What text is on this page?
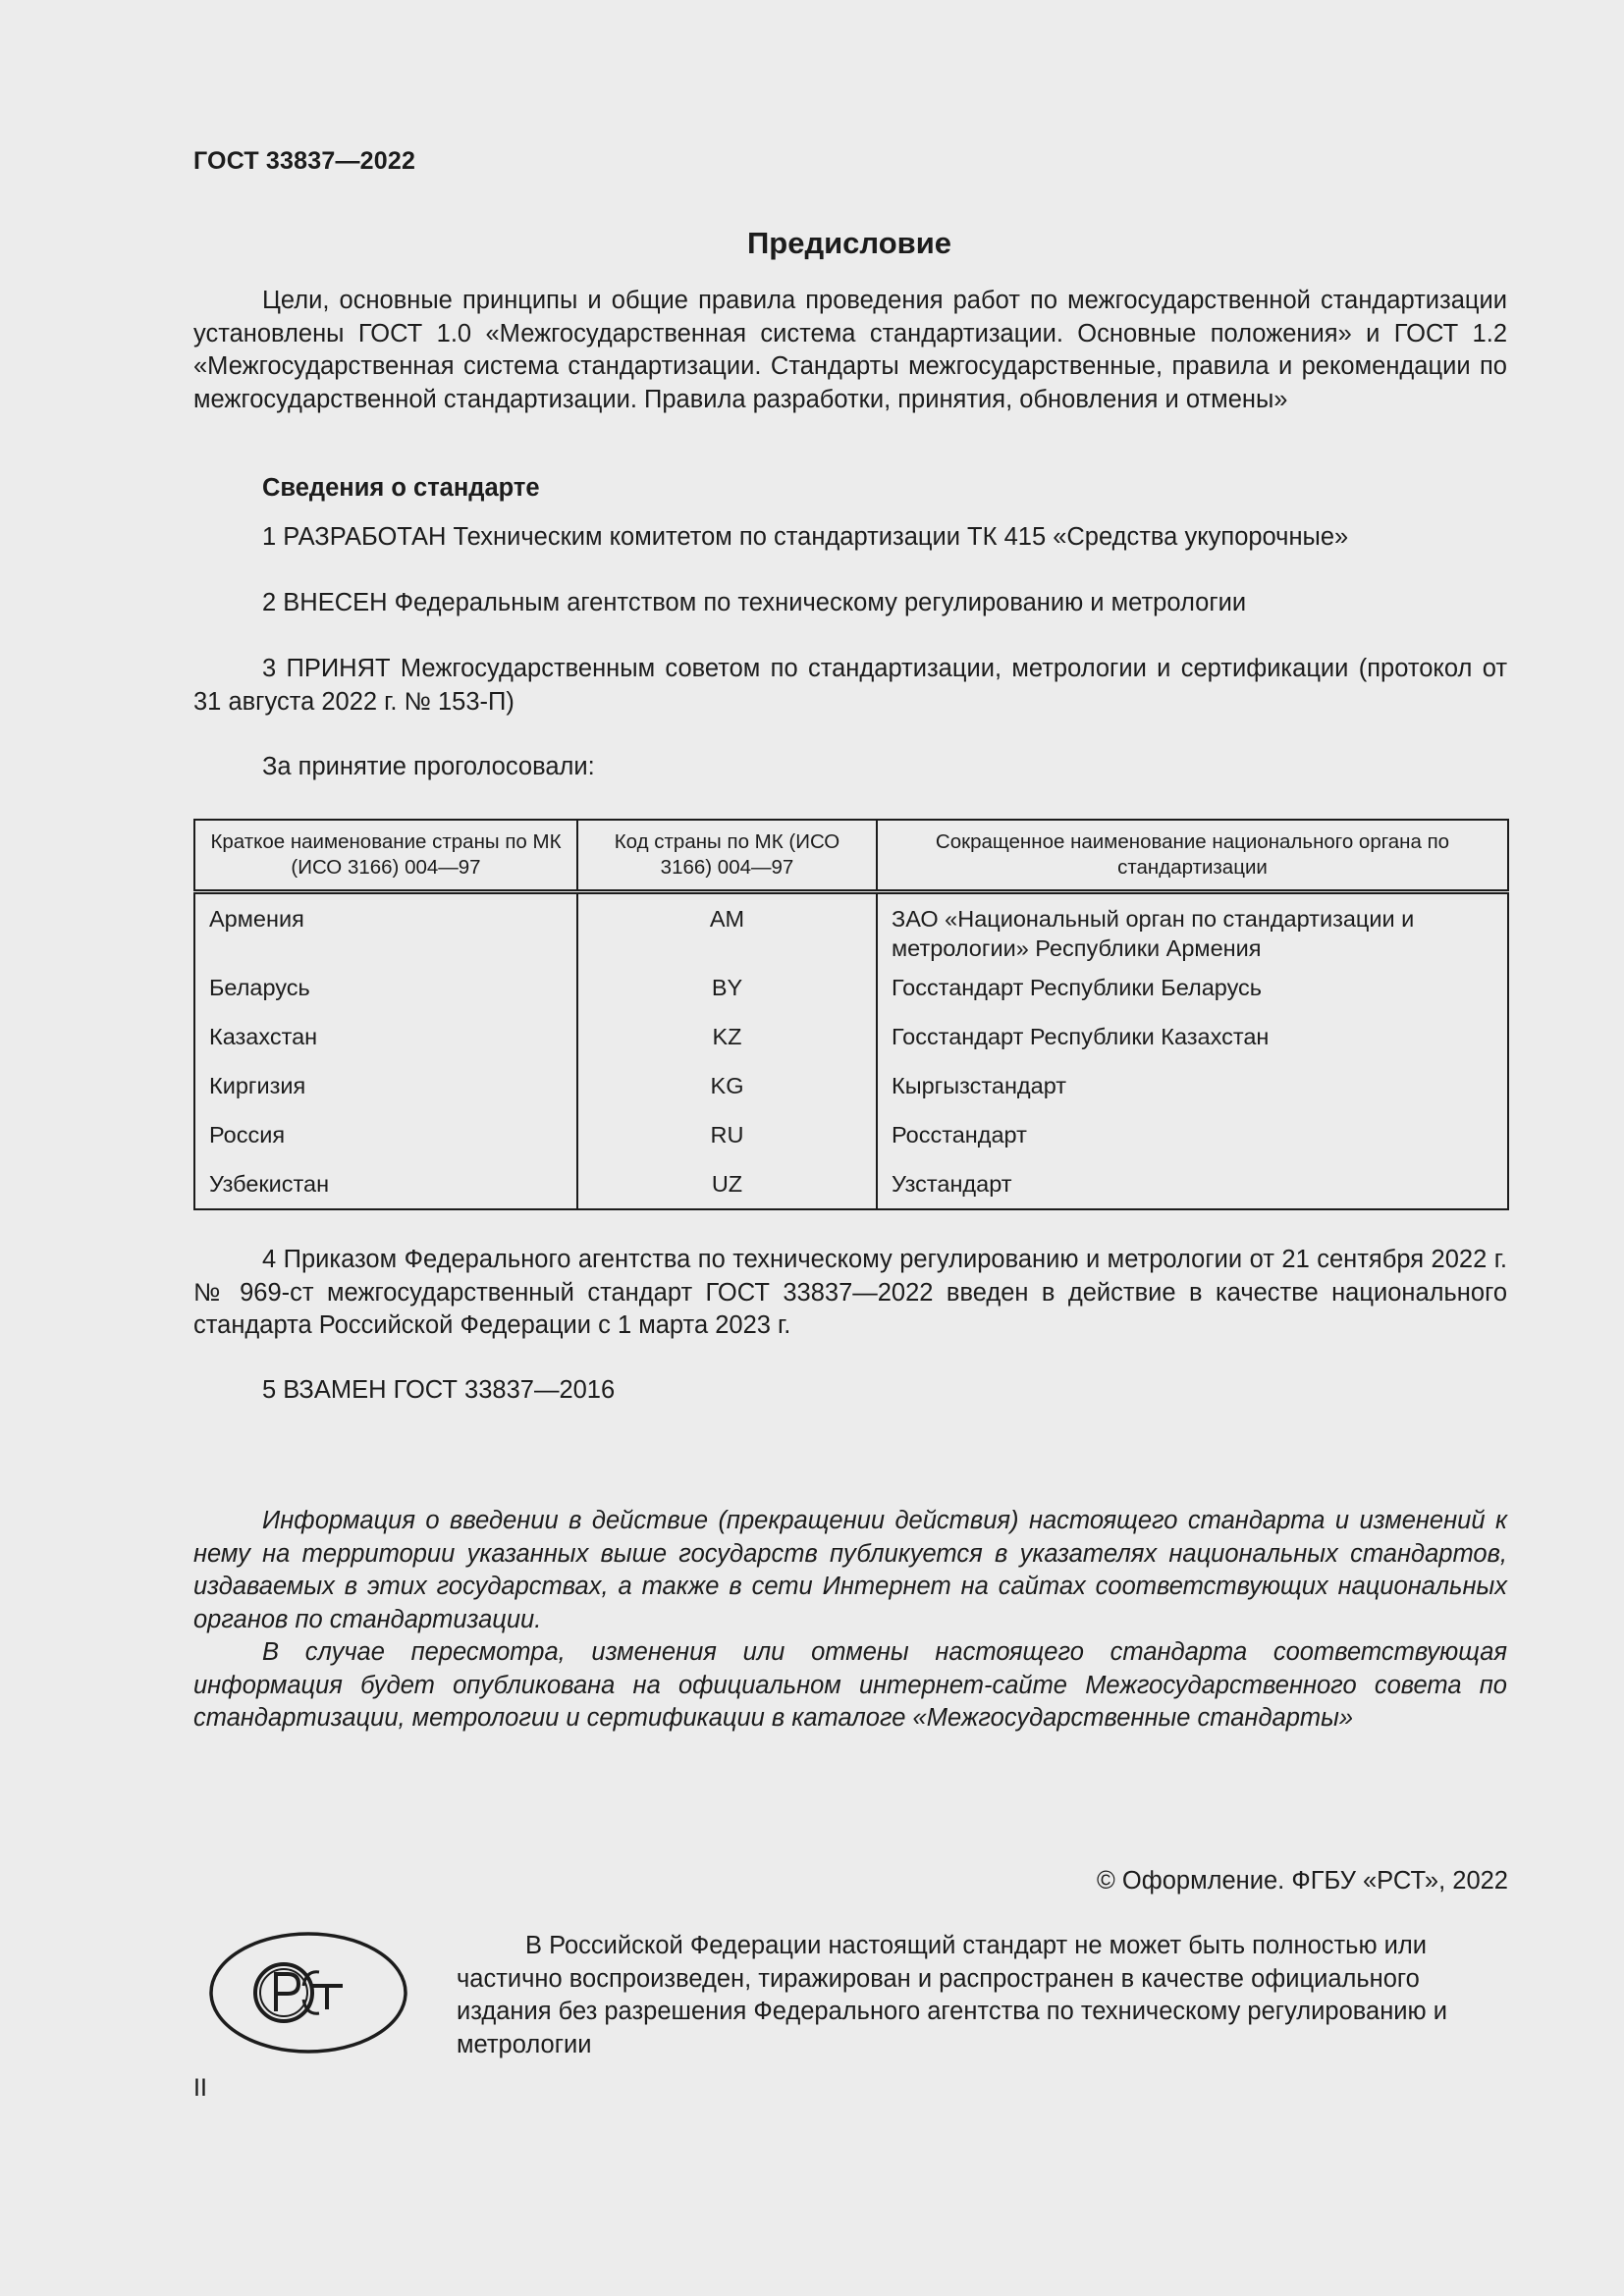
ГОСТ 33837—2022
Предисловие
Цели, основные принципы и общие правила проведения работ по межгосударственной стандартизации установлены ГОСТ 1.0 «Межгосударственная система стандартизации. Основные положения» и ГОСТ 1.2 «Межгосударственная система стандартизации. Стандарты межгосударственные, правила и рекомендации по межгосударственной стандартизации. Правила разработки, принятия, обновления и отмены»
Сведения о стандарте
1 РАЗРАБОТАН Техническим комитетом по стандартизации ТК 415 «Средства укупорочные»
2 ВНЕСЕН Федеральным агентством по техническому регулированию и метрологии
3 ПРИНЯТ Межгосударственным советом по стандартизации, метрологии и сертификации (протокол от 31 августа 2022 г. № 153-П)
За принятие проголосовали:
Краткое наименование страны по МК (ИСО 3166) 004—97	Код страны по МК (ИСО 3166) 004—97	Сокращенное наименование национального органа по стандартизации
Армения	AM	ЗАО «Национальный орган по стандартизации и метрологии» Республики Армения
Беларусь	BY	Госстандарт Республики Беларусь
Казахстан	KZ	Госстандарт Республики Казахстан
Киргизия	KG	Кыргызстандарт
Россия	RU	Росстандарт
Узбекистан	UZ	Узстандарт
4 Приказом Федерального агентства по техническому регулированию и метрологии от 21 сентября 2022 г. № 969-ст межгосударственный стандарт ГОСТ 33837—2022 введен в действие в качестве национального стандарта Российской Федерации с 1 марта 2023 г.
5 ВЗАМЕН ГОСТ 33837—2016
Информация о введении в действие (прекращении действия) настоящего стандарта и изменений к нему на территории указанных выше государств публикуется в указателях национальных стандартов, издаваемых в этих государствах, а также в сети Интернет на сайтах соответствующих национальных органов по стандартизации.
В случае пересмотра, изменения или отмены настоящего стандарта соответствующая информация будет опубликована на официальном интернет-сайте Межгосударственного совета по стандартизации, метрологии и сертификации в каталоге «Межгосударственные стандарты»
© Оформление. ФГБУ «РСТ», 2022
В Российской Федерации настоящий стандарт не может быть полностью или частично воспроизведен, тиражирован и распространен в качестве официального издания без разрешения Федерального агентства по техническому регулированию и метрологии
II
